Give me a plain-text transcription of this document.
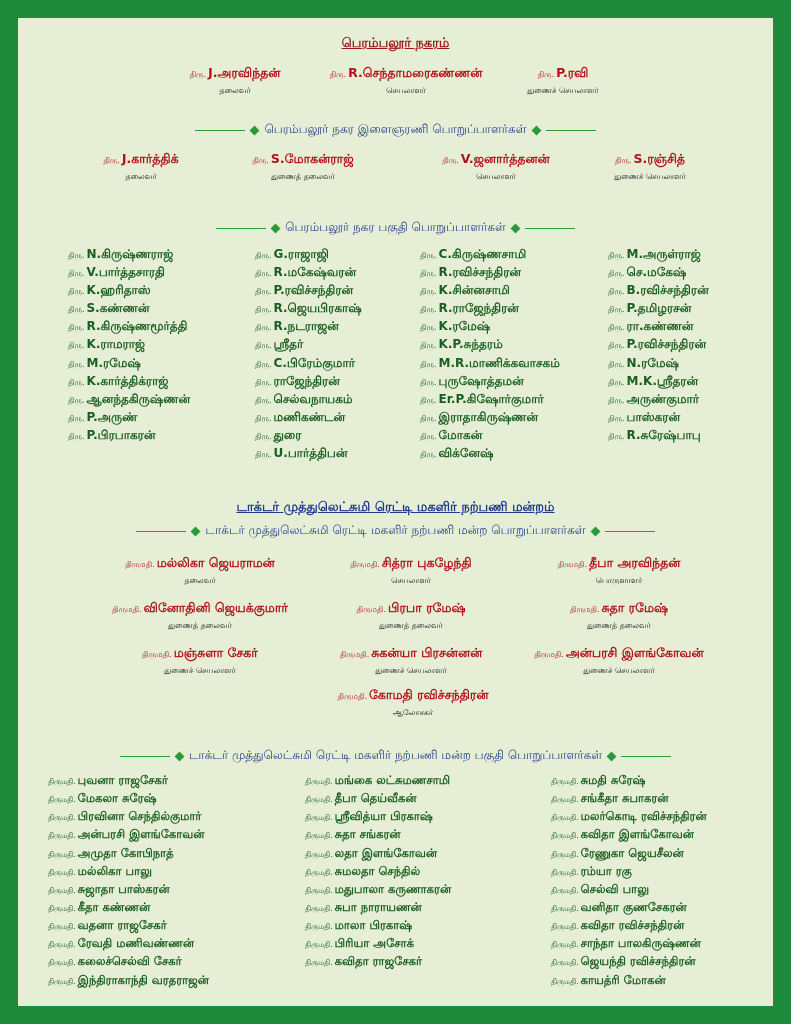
பெரம்பலூர் நகரம்
திரு. J.அரவிந்தன்
தலைவர்
திரு. R.செந்தாமரைகண்ணன்
செயலாளர்
திரு. P.ரவி
துணைச் செயலாளர்
பெரம்பலூர் நகர இளைஞரணி பொறுப்பாளர்கள்
திரு. J.கார்த்திக்
தலைவர்
திரு. S.மோகன்ராஜ்
துணைத் தலைவர்
திரு. V.ஜனார்த்தனன்
செயலாளர்
திரு. S.ரஞ்சித்
துணைச் செயலாளர்
பெரம்பலூர் நகர பகுதி பொறுப்பாளர்கள்
திரு. N.கிருஷ்ணராஜ்
திரு. V.பார்த்தசாரதி
திரு. K.ஹரிதாஸ்
திரு. S.கண்ணன்
திரு. R.கிருஷ்ணமூர்த்தி
திரு. K.ராமராஜ்
திரு. M.ரமேஷ்
திரு. K.கார்த்திக்ராஜ்
திரு. ஆனந்தகிருஷ்ணன்
திரு. P.அருண்
திரு. P.பிரபாகரன்
திரு. G.ராஜாஜி
திரு. R.மகேஷ்வரன்
திரு. P.ரவிச்சந்திரன்
திரு. R.ஜெயபிரகாஷ்
திரு. R.நடராஜன்
திரு. ஸ்ரீதர்
திரு. C.பிரேம்குமார்
திரு. ராஜேந்திரன்
திரு. செல்வநாயகம்
திரு. மணிகண்டன்
திரு. துரை
திரு. U.பார்த்திபன்
திரு. C.கிருஷ்ணசாமி
திரு. R.ரவிச்சந்திரன்
திரு. K.சின்னசாமி
திரு. R.ராஜேந்திரன்
திரு. K.ரமேஷ்
திரு. K.P.சுந்தரம்
திரு. M.R.மாணிக்கவாசகம்
திரு. புருஷோத்தமன்
திரு. Er.P.கிஷோர்குமார்
திரு. இராதாகிருஷ்ணன்
திரு. மோகன்
திரு. விக்னேஷ்
திரு. M.அருள்ராஜ்
திரு. செ.மகேஷ்
திரு. B.ரவிச்சந்திரன்
திரு. P.தமிழரசன்
திரு. ரா.கண்ணன்
திரு. P.ரவிச்சந்திரன்
திரு. N.ரமேஷ்
திரு. M.K.ஸ்ரீதரன்
திரு. அருண்குமார்
திரு. பாஸ்கரன்
திரு. R.சுரேஷ்பாபு
டாக்டர் முத்துலெட்சுமி ரெட்டி மகளிர் நற்பணி மன்றம்
டாக்டர் முத்துலெட்சுமி ரெட்டி மகளிர் நற்பணி மன்ற பொறுப்பாளர்கள்
திருமதி. மல்லிகா ஜெயராமன்
தலைவர்
திருமதி. சித்ரா புகழேந்தி
செயலாளர்
திருமதி. தீபா அரவிந்தன்
பொருளாளர்
திருமதி. வினோதினி ஜெயக்குமார்
துணைத் தலைவர்
திருமதி. பிரபா ரமேஷ்
துணைத் தலைவர்
திருமதி. சுதா ரமேஷ்
துணைத் தலைவர்
திருமதி. மஞ்சுளா சேகர்
துணைச் செயலாளர்
திருமதி. சுகன்யா பிரசன்னன்
துணைச் செயலாளர்
திருமதி. அன்பரசி இளங்கோவன்
துணைச் செயலாளர்
திருமதி. கோமதி ரவிச்சந்திரன்
ஆலோசகர்
டாக்டர் முத்துலெட்சுமி ரெட்டி மகளிர் நற்பணி மன்ற பகுதி பொறுப்பாளர்கள்
திருமதி. புவனா ராஜசேகர்
திருமதி. மேகலா சுரேஷ்
திருமதி. பிரவினா செந்தில்குமார்
திருமதி. அன்பரசி இளங்கோவன்
திருமதி. அமுதா கோபிநாத்
திருமதி. மல்லிகா பாலு
திருமதி. சுஜாதா பாஸ்கரன்
திருமதி. கீதா கண்ணன்
திருமதி. வதனா ராஜசேகர்
திருமதி. ரேவதி மணிவண்ணன்
திருமதி. கலைச்செல்வி சேகர்
திருமதி. இந்திராகாந்தி வரதராஜன்
திருமதி. மங்கை லட்சுமணசாமி
திருமதி. தீபா தெய்வீகன்
திருமதி. ஸ்ரீவித்யா பிரகாஷ்
திருமதி. சுதா சங்கரன்
திருமதி. லதா இளங்கோவன்
திருமதி. சுமலதா செந்தில்
திருமதி. மதுபாலா கருணாகரன்
திருமதி. சுபா நாராயணன்
திருமதி. மாலா பிரகாஷ்
திருமதி. பிரியா அசோக்
திருமதி. கவிதா ராஜசேகர்
திருமதி. சுமதி சுரேஷ்
திருமதி. சங்கீதா சுபாகரன்
திருமதி. மலர்கொடி ரவிச்சந்திரன்
திருமதி. கவிதா இளங்கோவன்
திருமதி. ரேணுகா ஜெயசீலன்
திருமதி. ரம்யா ரகு
திருமதி. செல்வி பாலு
திருமதி. வனிதா குணசேகரன்
திருமதி. கவிதா ரவிச்சந்திரன்
திருமதி. சாந்தா பாலகிருஷ்ணன்
திருமதி. ஜெயந்தி ரவிச்சந்திரன்
திருமதி. காயத்ரி மோகன்
